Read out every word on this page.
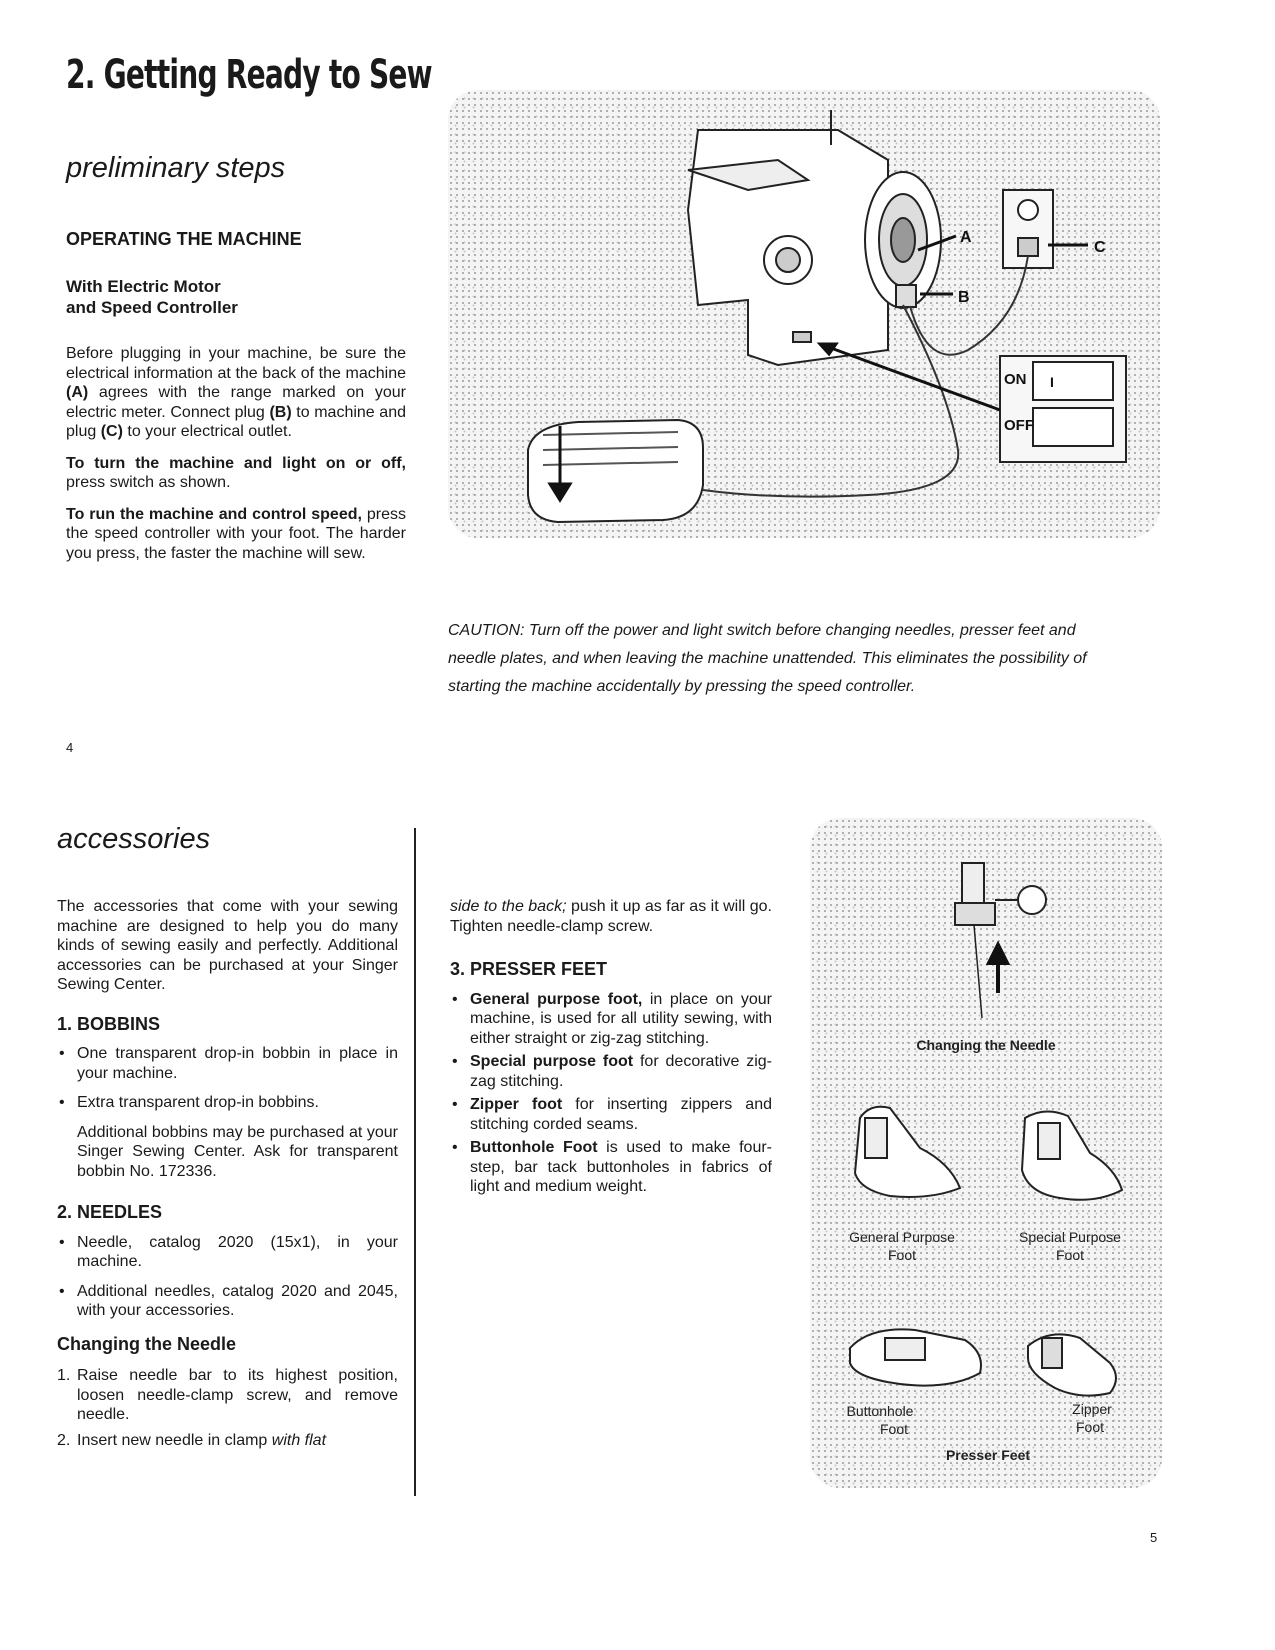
2. Getting Ready to Sew
preliminary steps
OPERATING THE MACHINE
With Electric Motor
and Speed Controller

Before plugging in your machine, be sure the electrical information at the back of the machine (A) agrees with the range marked on your electric meter. Connect plug (B) to machine and plug (C) to your electrical outlet.

To turn the machine and light on or off, press switch as shown.

To run the machine and control speed, press the speed controller with your foot. The harder you press, the faster the machine will sew.

A
C
B
ON
OFF
I
CAUTION: Turn off the power and light switch before changing needles, presser feet and needle plates, and when leaving the machine unattended. This eliminates the possibility of starting the machine accidentally by pressing the speed controller.
4
accessories

The accessories that come with your sewing machine are designed to help you do many kinds of sewing easily and perfectly. Additional accessories can be purchased at your Singer Sewing Center.

1. BOBBINS
• One transparent drop-in bobbin in place in your machine.
• Extra transparent drop-in bobbins.

Additional bobbins may be purchased at your Singer Sewing Center. Ask for transparent bobbin No. 172336.

2. NEEDLES
• Needle, catalog 2020 (15x1), in your machine.
• Additional needles, catalog 2020 and 2045, with your accessories.
Changing the Needle
1. Raise needle bar to its highest position, loosen needle-clamp screw, and remove needle.
2. Insert new needle in clamp with flat

side to the back; push it up as far as it will go. Tighten needle-clamp screw.

3. PRESSER FEET
• General purpose foot, in place on your machine, is used for all utility sewing, with either straight or zig-zag stitching.
• Special purpose foot for decorative zig-zag stitching.
• Zipper foot for inserting zippers and stitching corded seams.
• Buttonhole Foot is used to make four-step, bar tack buttonholes in fabrics of light and medium weight.
Changing the Needle
General Purpose
Foot
Special Purpose
Foot
Buttonhole
Foot
Zipper
Foot
Presser Feet
5
